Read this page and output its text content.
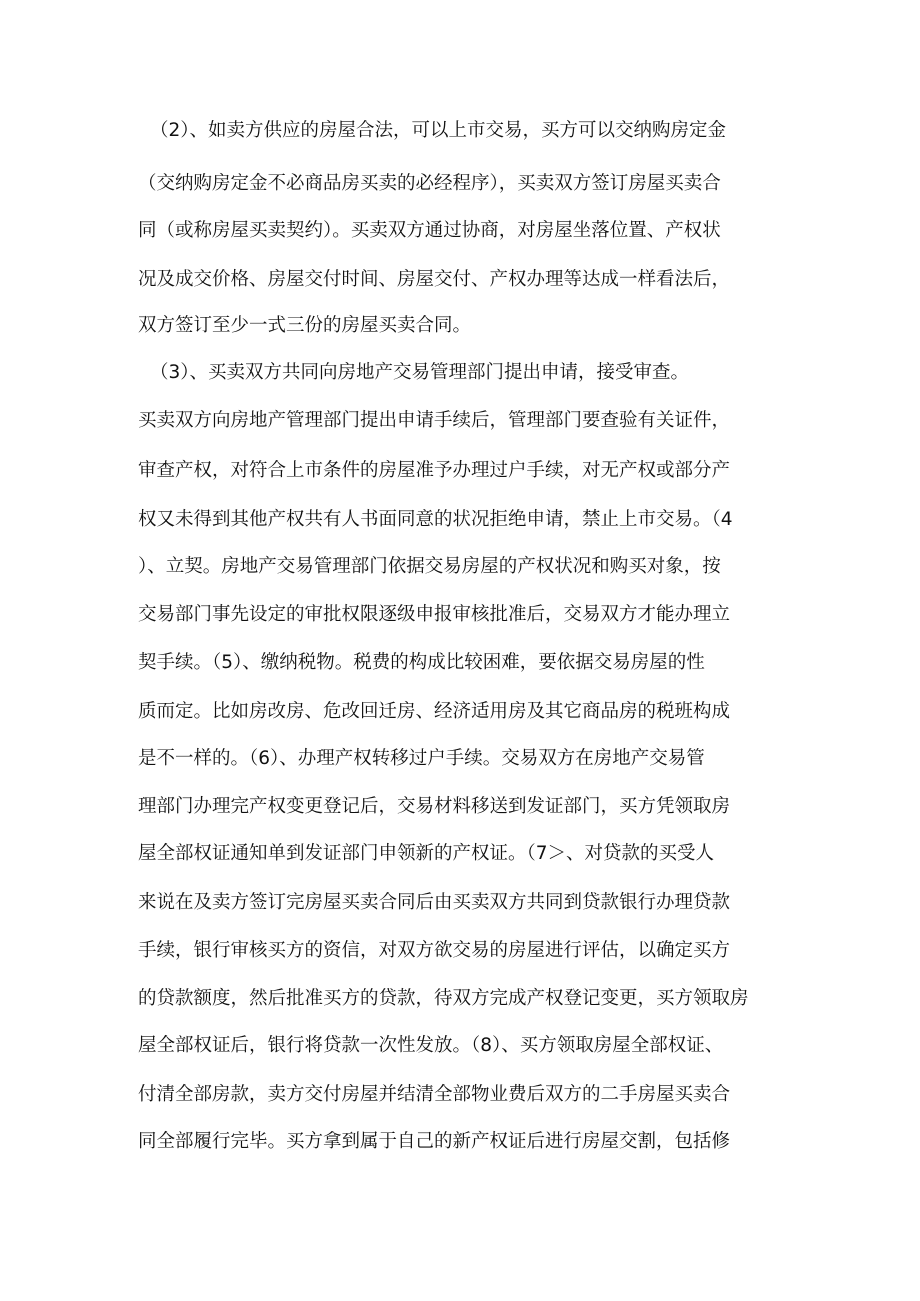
（2）、如卖方供应的房屋合法，可以上市交易，买方可以交纳购房定金
（交纳购房定金不必商品房买卖的必经程序），买卖双方签订房屋买卖合
同（或称房屋买卖契约）。买卖双方通过协商，对房屋坐落位置、产权状
况及成交价格、房屋交付时间、房屋交付、产权办理等达成一样看法后，
双方签订至少一式三份的房屋买卖合同。
（3）、买卖双方共同向房地产交易管理部门提出申请，接受审查。
买卖双方向房地产管理部门提出申请手续后，管理部门要查验有关证件，
审查产权，对符合上市条件的房屋准予办理过户手续，对无产权或部分产
权又未得到其他产权共有人书面同意的状况拒绝申请，禁止上市交易。（4
）、立契。房地产交易管理部门依据交易房屋的产权状况和购买对象，按
交易部门事先设定的审批权限逐级申报审核批准后，交易双方才能办理立
契手续。（5）、缴纳税物。税费的构成比较困难，要依据交易房屋的性
质而定。比如房改房、危改回迁房、经济适用房及其它商品房的税班构成
是不一样的。（6）、办理产权转移过户手续。交易双方在房地产交易管
理部门办理完产权变更登记后，交易材料移送到发证部门，买方凭领取房
屋全部权证通知单到发证部门申领新的产权证。（7＞、对贷款的买受人
来说在及卖方签订完房屋买卖合同后由买卖双方共同到贷款银行办理贷款
手续，银行审核买方的资信，对双方欲交易的房屋进行评估，以确定买方
的贷款额度，然后批准买方的贷款，待双方完成产权登记变更，买方领取房
屋全部权证后，银行将贷款一次性发放。（8）、买方领取房屋全部权证、
付清全部房款，卖方交付房屋并结清全部物业费后双方的二手房屋买卖合
同全部履行完毕。买方拿到属于自己的新产权证后进行房屋交割，包括修
